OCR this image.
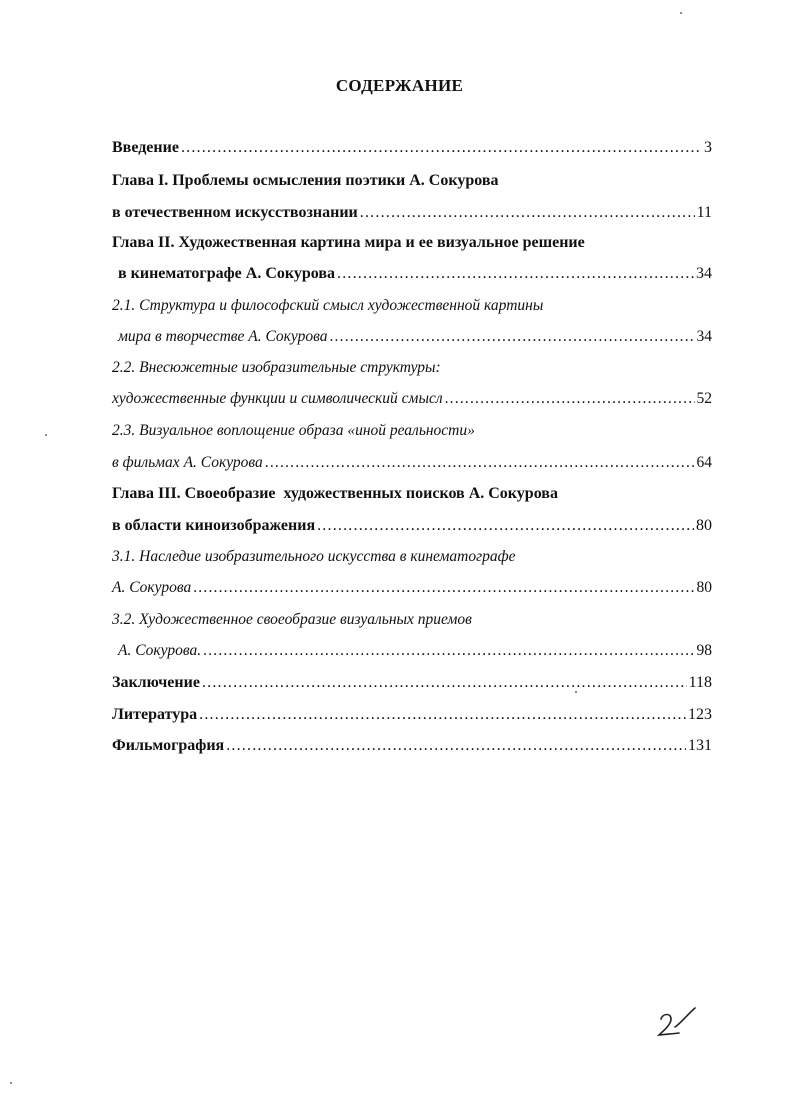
СОДЕРЖАНИЕ
Введение .....	3
Глава I. Проблемы осмысления поэтики А. Сокурова
в отечественном искусствознании .....	11
Глава II. Художественная картина мира и ее визуальное решение
в кинематографе А. Сокурова .....	34
2.1. Структура и философский смысл художественной картины
мира в творчестве А. Сокурова .....	34
2.2. Внесюжетные изобразительные структуры:
художественные функции и символический смысл .....	52
2.3. Визуальное воплощение образа «иной реальности»
в фильмах А. Сокурова .....	64
Глава III. Своеобразие  художественных поисков А. Сокурова
в области киноизображения .....	80
3.1. Наследие изобразительного искусства в кинематографе
А. Сокурова .....	80
3.2. Художественное своеобразие визуальных приемов
А. Сокурова. .....	98
Заключение .....	118
Литература .....	123
Фильмография .....	131
